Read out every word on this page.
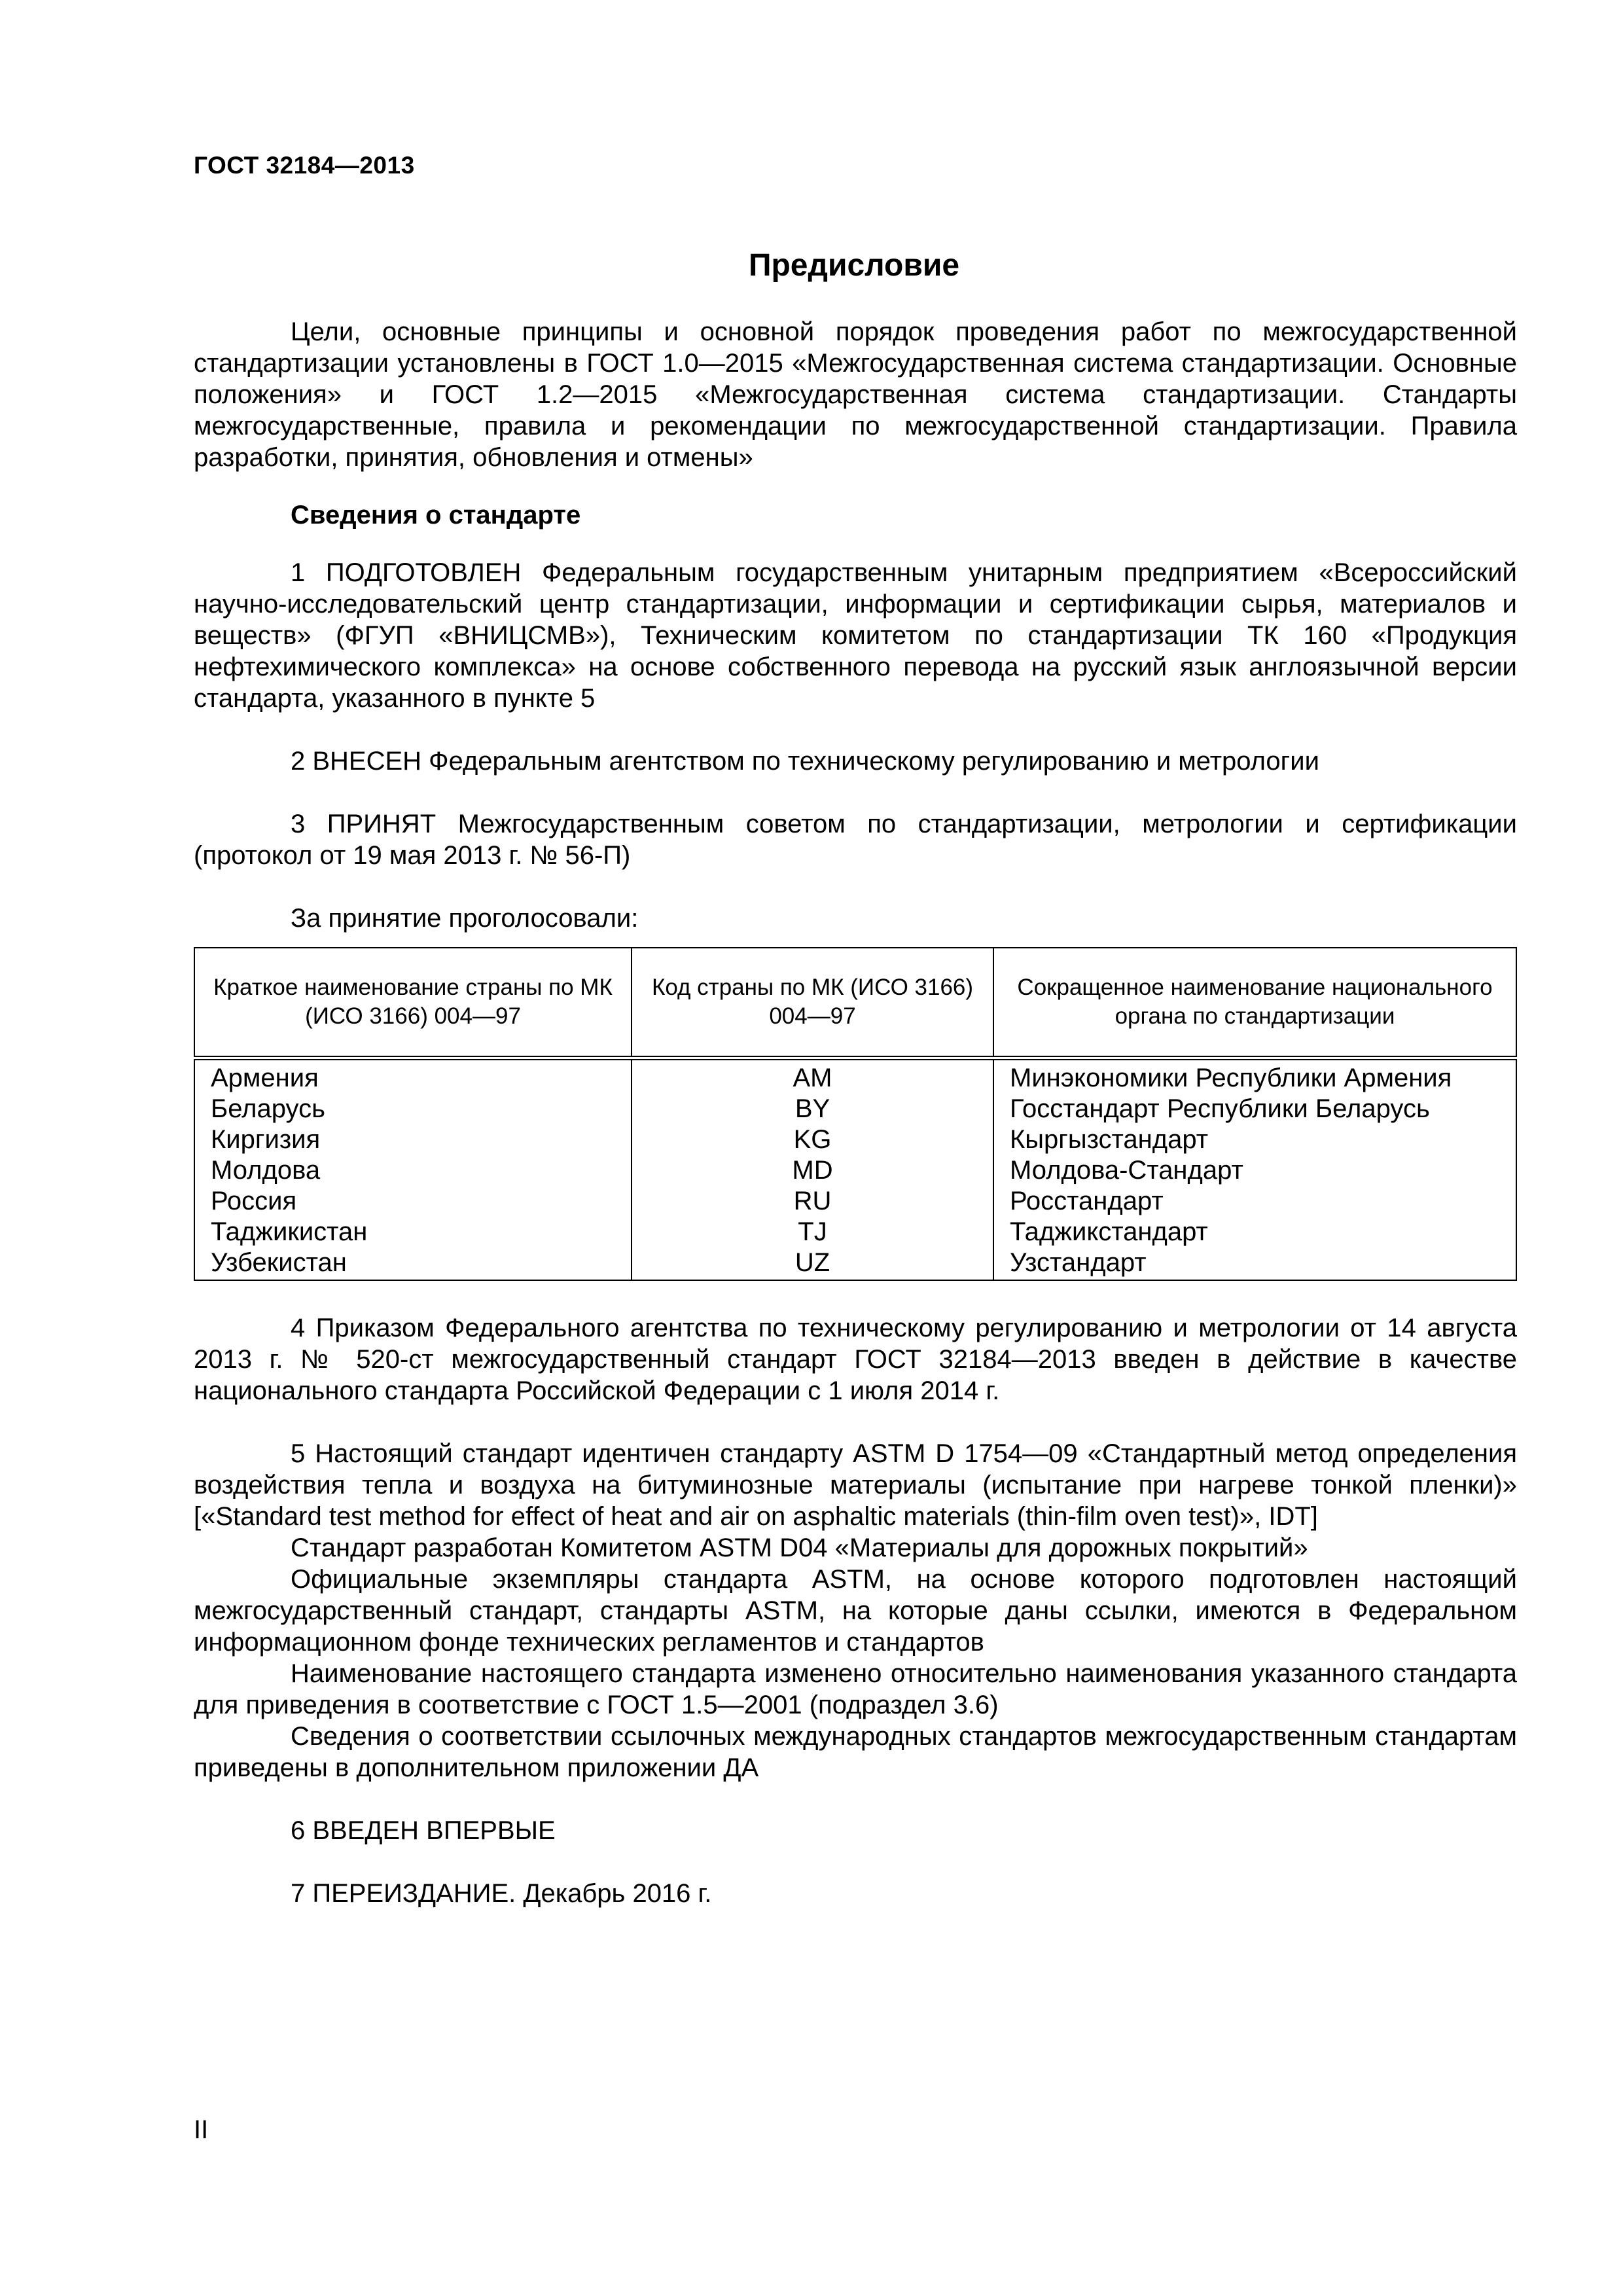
ГОСТ 32184—2013
Предисловие

Цели, основные принципы и основной порядок проведения работ по межгосударственной стандартизации установлены в ГОСТ 1.0—2015 «Межгосударственная система стандартизации. Основные положения» и ГОСТ 1.2—2015 «Межгосударственная система стандартизации. Стандарты межгосударственные, правила и рекомендации по межгосударственной стандартизации. Правила разработки, принятия, обновления и отмены»

Сведения о стандарте

1 ПОДГОТОВЛЕН Федеральным государственным унитарным предприятием «Всероссийский научно-исследовательский центр стандартизации, информации и сертификации сырья, материалов и веществ» (ФГУП «ВНИЦСМВ»), Техническим комитетом по стандартизации ТК 160 «Продукция нефтехимического комплекса» на основе собственного перевода на русский язык англоязычной версии стандарта, указанного в пункте 5

2 ВНЕСЕН Федеральным агентством по техническому регулированию и метрологии

3 ПРИНЯТ Межгосударственным советом по стандартизации, метрологии и сертификации (протокол от 19 мая 2013 г. № 56-П)

За принятие проголосовали:

Краткое наименование страны по МК (ИСО 3166) 004—97	Код страны по МК (ИСО 3166) 004—97	Сокращенное наименование национального органа по стандартизации
Армения	AM	Минэкономики Республики Армения
Беларусь	BY	Госстандарт Республики Беларусь
Киргизия	KG	Кыргызстандарт
Молдова	MD	Молдова-Стандарт
Россия	RU	Росстандарт
Таджикистан	TJ	Таджикстандарт
Узбекистан	UZ	Узстандарт

4 Приказом Федерального агентства по техническому регулированию и метрологии от 14 августа 2013 г. № 520-ст межгосударственный стандарт ГОСТ 32184—2013 введен в действие в качестве национального стандарта Российской Федерации с 1 июля 2014 г.

5 Настоящий стандарт идентичен стандарту ASTM D 1754—09 «Стандартный метод определения воздействия тепла и воздуха на битуминозные материалы (испытание при нагреве тонкой пленки)» [«Standard test method for effect of heat and air on asphaltic materials (thin-film oven test)», IDT]

Стандарт разработан Комитетом ASTM D04 «Материалы для дорожных покрытий»

Официальные экземпляры стандарта ASTM, на основе которого подготовлен настоящий межгосударственный стандарт, стандарты ASTM, на которые даны ссылки, имеются в Федеральном информационном фонде технических регламентов и стандартов

Наименование настоящего стандарта изменено относительно наименования указанного стандарта для приведения в соответствие с ГОСТ 1.5—2001 (подраздел 3.6)

Сведения о соответствии ссылочных международных стандартов межгосударственным стандартам приведены в дополнительном приложении ДА

6 ВВЕДЕН ВПЕРВЫЕ

7 ПЕРЕИЗДАНИЕ. Декабрь 2016 г.

II
